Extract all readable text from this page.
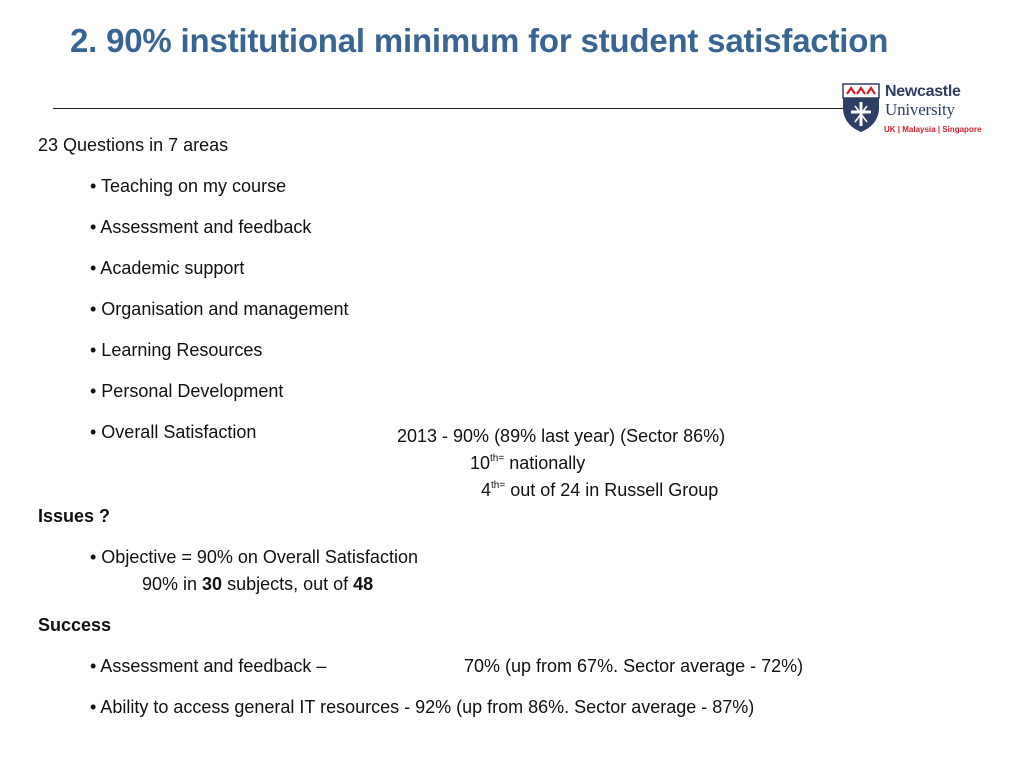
2. 90% institutional minimum for student satisfaction
Newcastle
University
UK | Malaysia | Singapore
23 Questions in 7 areas
• Teaching on my course
• Assessment and feedback
• Academic support
• Organisation and management
• Learning Resources
• Personal Development
• Overall Satisfaction	2013 - 90% (89% last year) (Sector 86%)
$10^{th=}$ nationally
$4^{th=}$ out of 24 in Russell Group
Issues ?
• Objective = 90% on Overall Satisfaction
90% in 30 subjects, out of 48
Success
• Assessment and feedback –	70% (up from 67%. Sector average - 72%)
• Ability to access general IT resources - 92% (up from 86%. Sector average - 87%)
